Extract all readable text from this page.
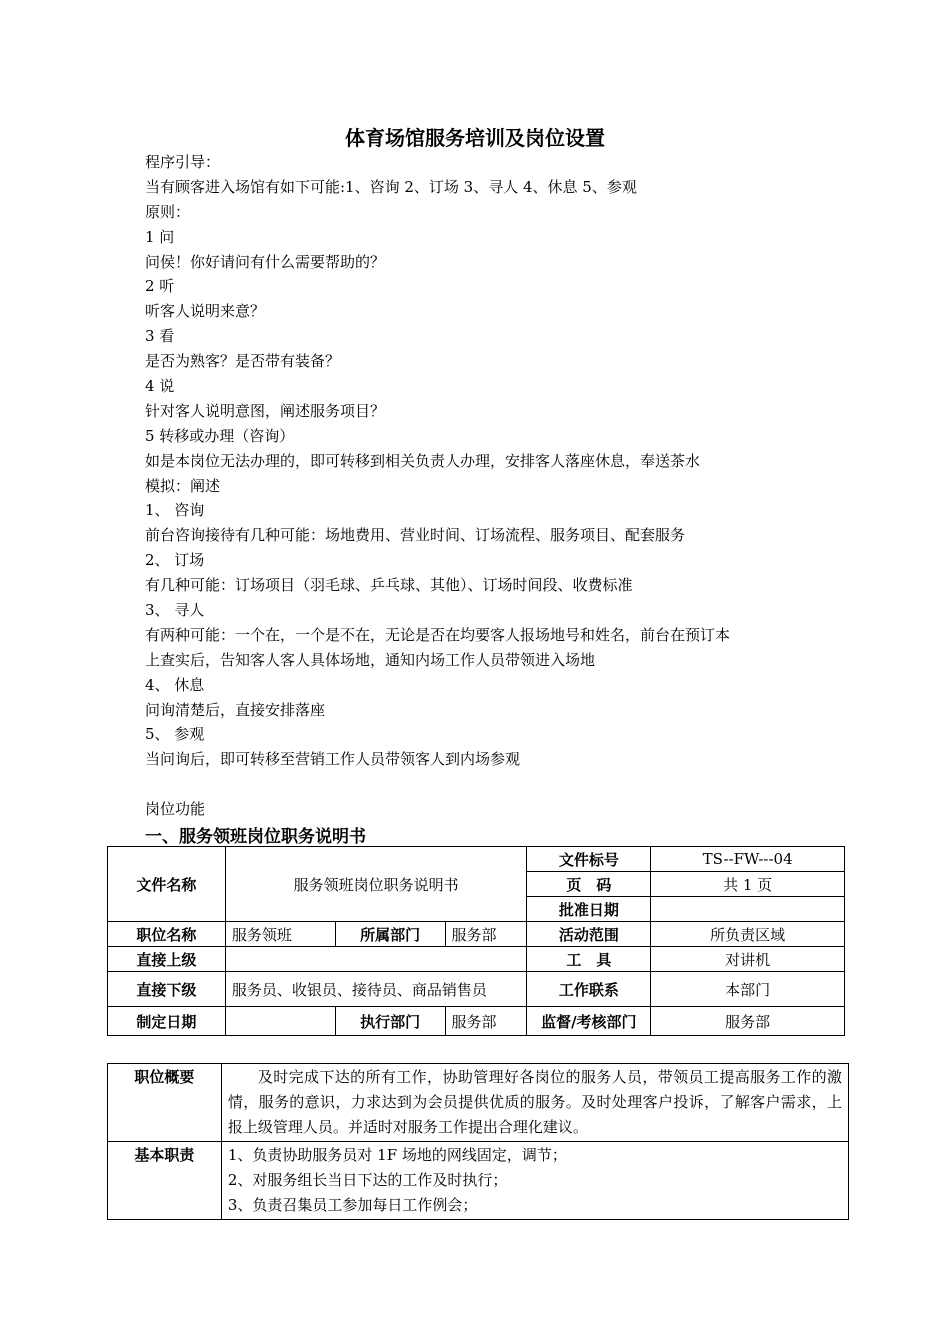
体育场馆服务培训及岗位设置
程序引导：
当有顾客进入场馆有如下可能:1、咨询 2、订场 3、寻人 4、休息 5、参观
原则：
1 问
问侯！你好请问有什么需要帮助的？
2 听
听客人说明来意？
3 看
是否为熟客？是否带有装备？
4 说
针对客人说明意图，阐述服务项目？
5 转移或办理（咨询）
如是本岗位无法办理的，即可转移到相关负责人办理，安排客人落座休息，奉送茶水
模拟：阐述
1、 咨询
前台咨询接待有几种可能：场地费用、营业时间、订场流程、服务项目、配套服务
2、 订场
有几种可能：订场项目（羽毛球、乒乓球、其他）、订场时间段、收费标准
3、 寻人
有两种可能：一个在，一个是不在，无论是否在均要客人报场地号和姓名，前台在预订本
上查实后，告知客人客人具体场地，通知内场工作人员带领进入场地
4、 休息
问询清楚后，直接安排落座
5、 参观
当问询后，即可转移至营销工作人员带领客人到内场参观
岗位功能
一、服务领班岗位职务说明书
文件名称	服务领班岗位职务说明书			文件标号	TS--FW---04
				页　码	共 1 页
				批准日期	
职位名称	服务领班	所属部门	服务部	活动范围	所负责区域
直接上级				工　具	对讲机
直接下级	服务员、收银员、接待员、商品销售员			工作联系	本部门
制定日期		执行部门	服务部	监督/考核部门	服务部
职位概要	及时完成下达的所有工作，协助管理好各岗位的服务人员，带领员工提高服务工作的激情，服务的意识，力求达到为会员提供优质的服务。及时处理客户投诉，了解客户需求，上报上级管理人员。并适时对服务工作提出合理化建议。
基本职责	1、负责协助服务员对 1F 场地的网线固定，调节；
2、对服务组长当日下达的工作及时执行；
3、负责召集员工参加每日工作例会；
